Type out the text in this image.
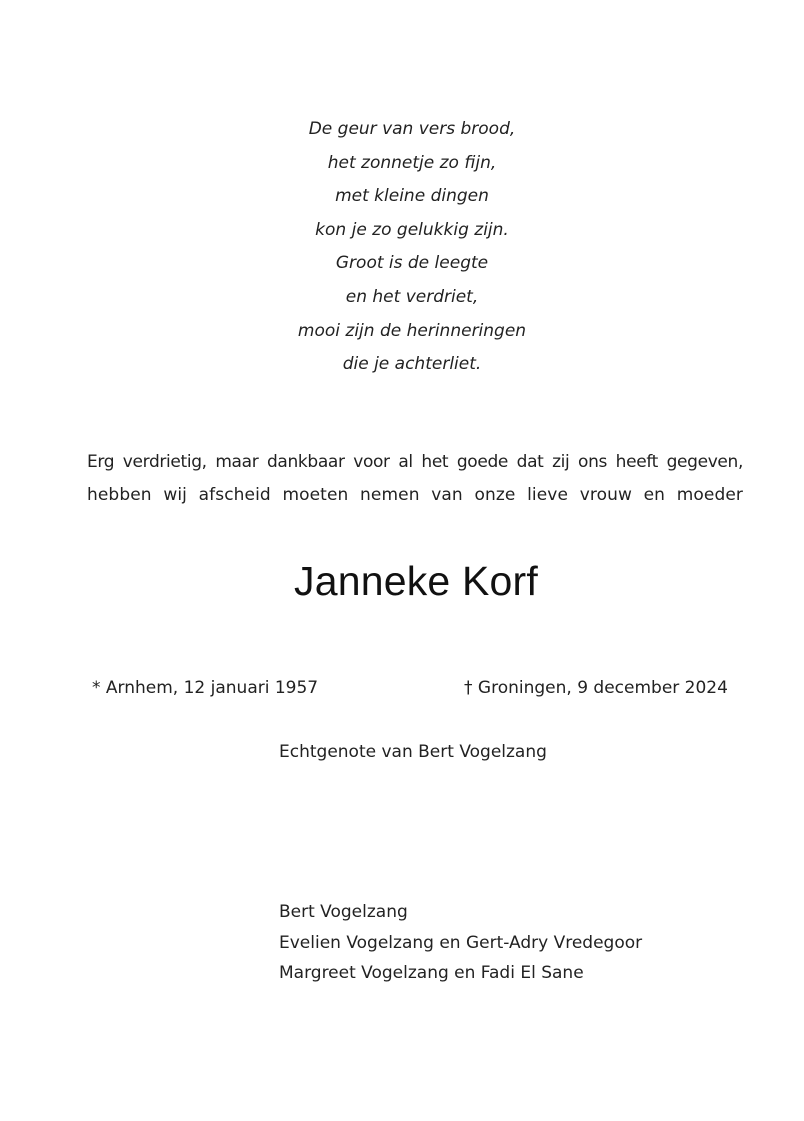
De geur van vers brood,
het zonnetje zo fijn,
met kleine dingen
kon je zo gelukkig zijn.
Groot is de leegte
en het verdriet,
mooi zijn de herinneringen
die je achterliet.
Erg verdrietig, maar dankbaar voor al het goede dat zij ons heeft gegeven,
hebben wij afscheid moeten nemen van onze lieve vrouw en moeder
Janneke Korf
* Arnhem, 12 januari 1957	† Groningen, 9 december 2024
Echtgenote van Bert Vogelzang
Bert Vogelzang
Evelien Vogelzang en Gert-Adry Vredegoor
Margreet Vogelzang en Fadi El Sane
